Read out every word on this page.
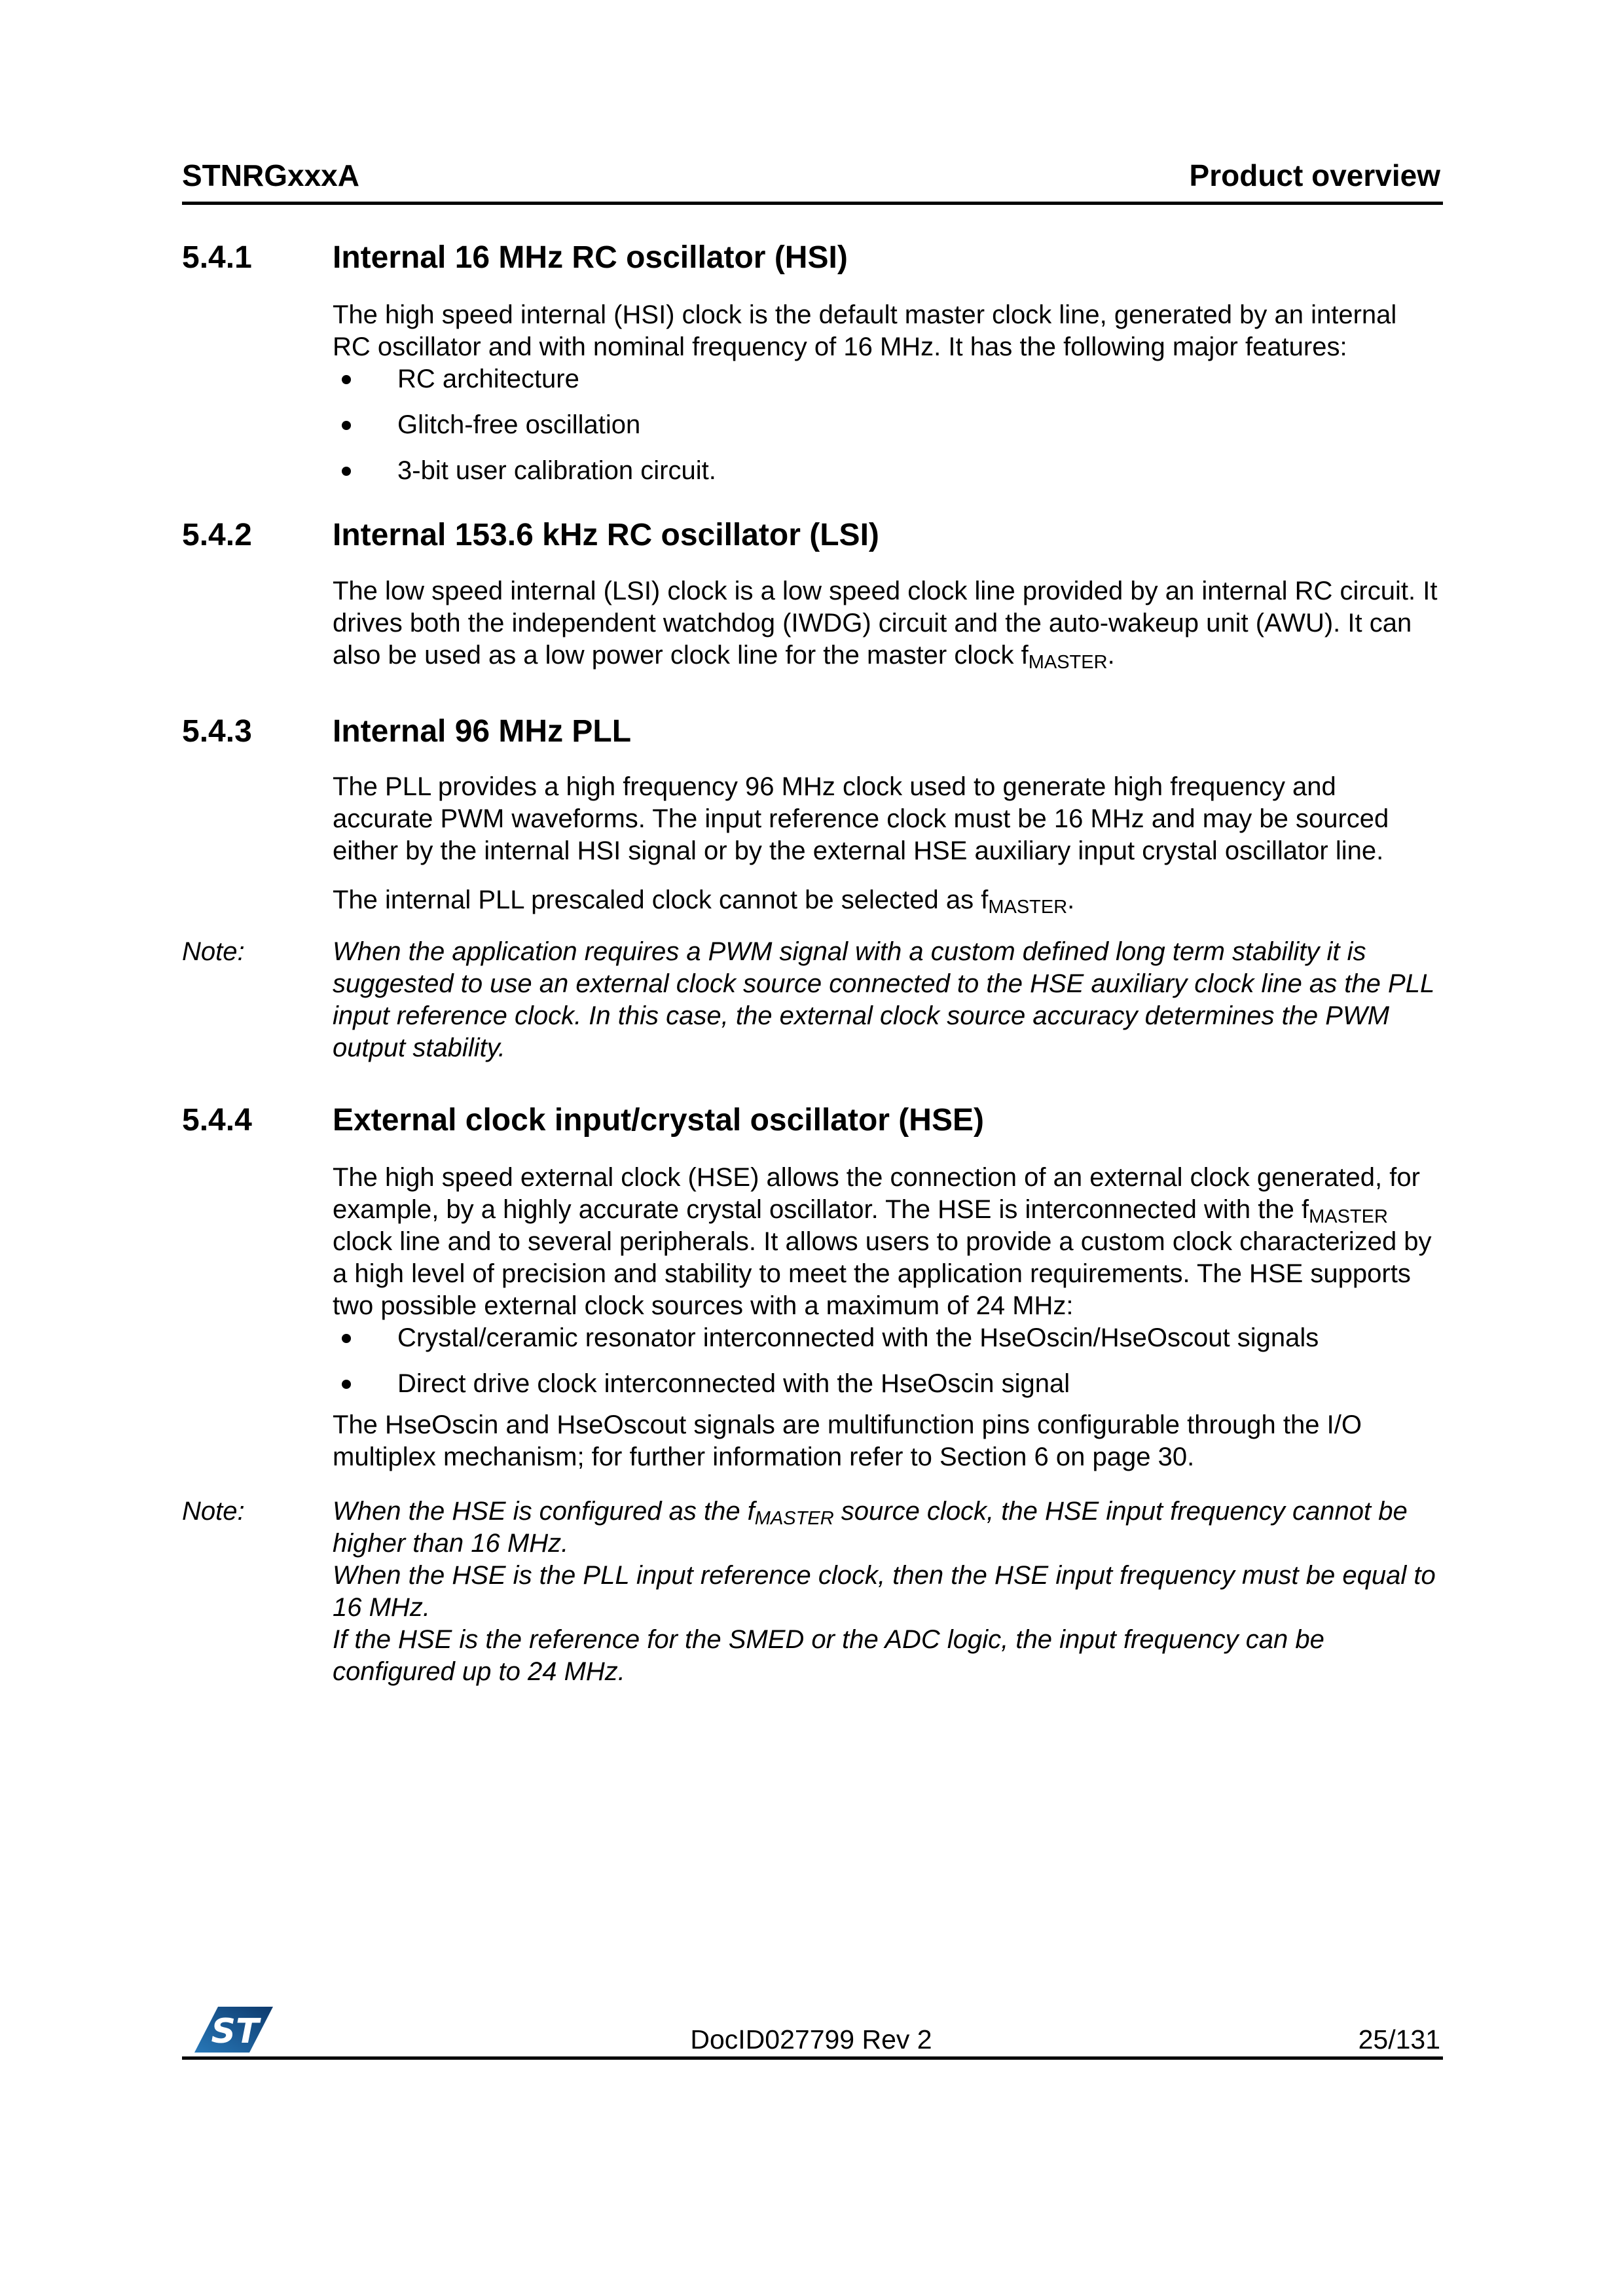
STNRGxxxA	Product overview
5.4.1	Internal 16 MHz RC oscillator (HSI)

The high speed internal (HSI) clock is the default master clock line, generated by an internal RC oscillator and with nominal frequency of 16 MHz. It has the following major features:

RC architecture
Glitch-free oscillation
3-bit user calibration circuit.
5.4.2	Internal 153.6 kHz RC oscillator (LSI)

The low speed internal (LSI) clock is a low speed clock line provided by an internal RC circuit. It drives both the independent watchdog (IWDG) circuit and the auto-wakeup unit (AWU). It can also be used as a low power clock line for the master clock $f_{MASTER}$.

5.4.3	Internal 96 MHz PLL

The PLL provides a high frequency 96 MHz clock used to generate high frequency and accurate PWM waveforms. The input reference clock must be 16 MHz and may be sourced either by the internal HSI signal or by the external HSE auxiliary input crystal oscillator line.

The internal PLL prescaled clock cannot be selected as $f_{MASTER}$.

Note:	When the application requires a PWM signal with a custom defined long term stability it is suggested to use an external clock source connected to the HSE auxiliary clock line as the PLL input reference clock. In this case, the external clock source accuracy determines the PWM output stability.

5.4.4	External clock input/crystal oscillator (HSE)

The high speed external clock (HSE) allows the connection of an external clock generated, for example, by a highly accurate crystal oscillator. The HSE is interconnected with the $f_{MASTER}$ clock line and to several peripherals. It allows users to provide a custom clock characterized by a high level of precision and stability to meet the application requirements. The HSE supports two possible external clock sources with a maximum of 24 MHz:

Crystal/ceramic resonator interconnected with the HseOscin/HseOscout signals
Direct drive clock interconnected with the HseOscin signal

The HseOscin and HseOscout signals are multifunction pins configurable through the I/O multiplex mechanism; for further information refer to Section 6 on page 30.

Note:	When the HSE is configured as the $f_{MASTER}$ source clock, the HSE input frequency cannot be higher than 16 MHz.

When the HSE is the PLL input reference clock, then the HSE input frequency must be equal to 16 MHz.

If the HSE is the reference for the SMED or the ADC logic, the input frequency can be configured up to 24 MHz.

ST	DocID027799 Rev 2	25/131
